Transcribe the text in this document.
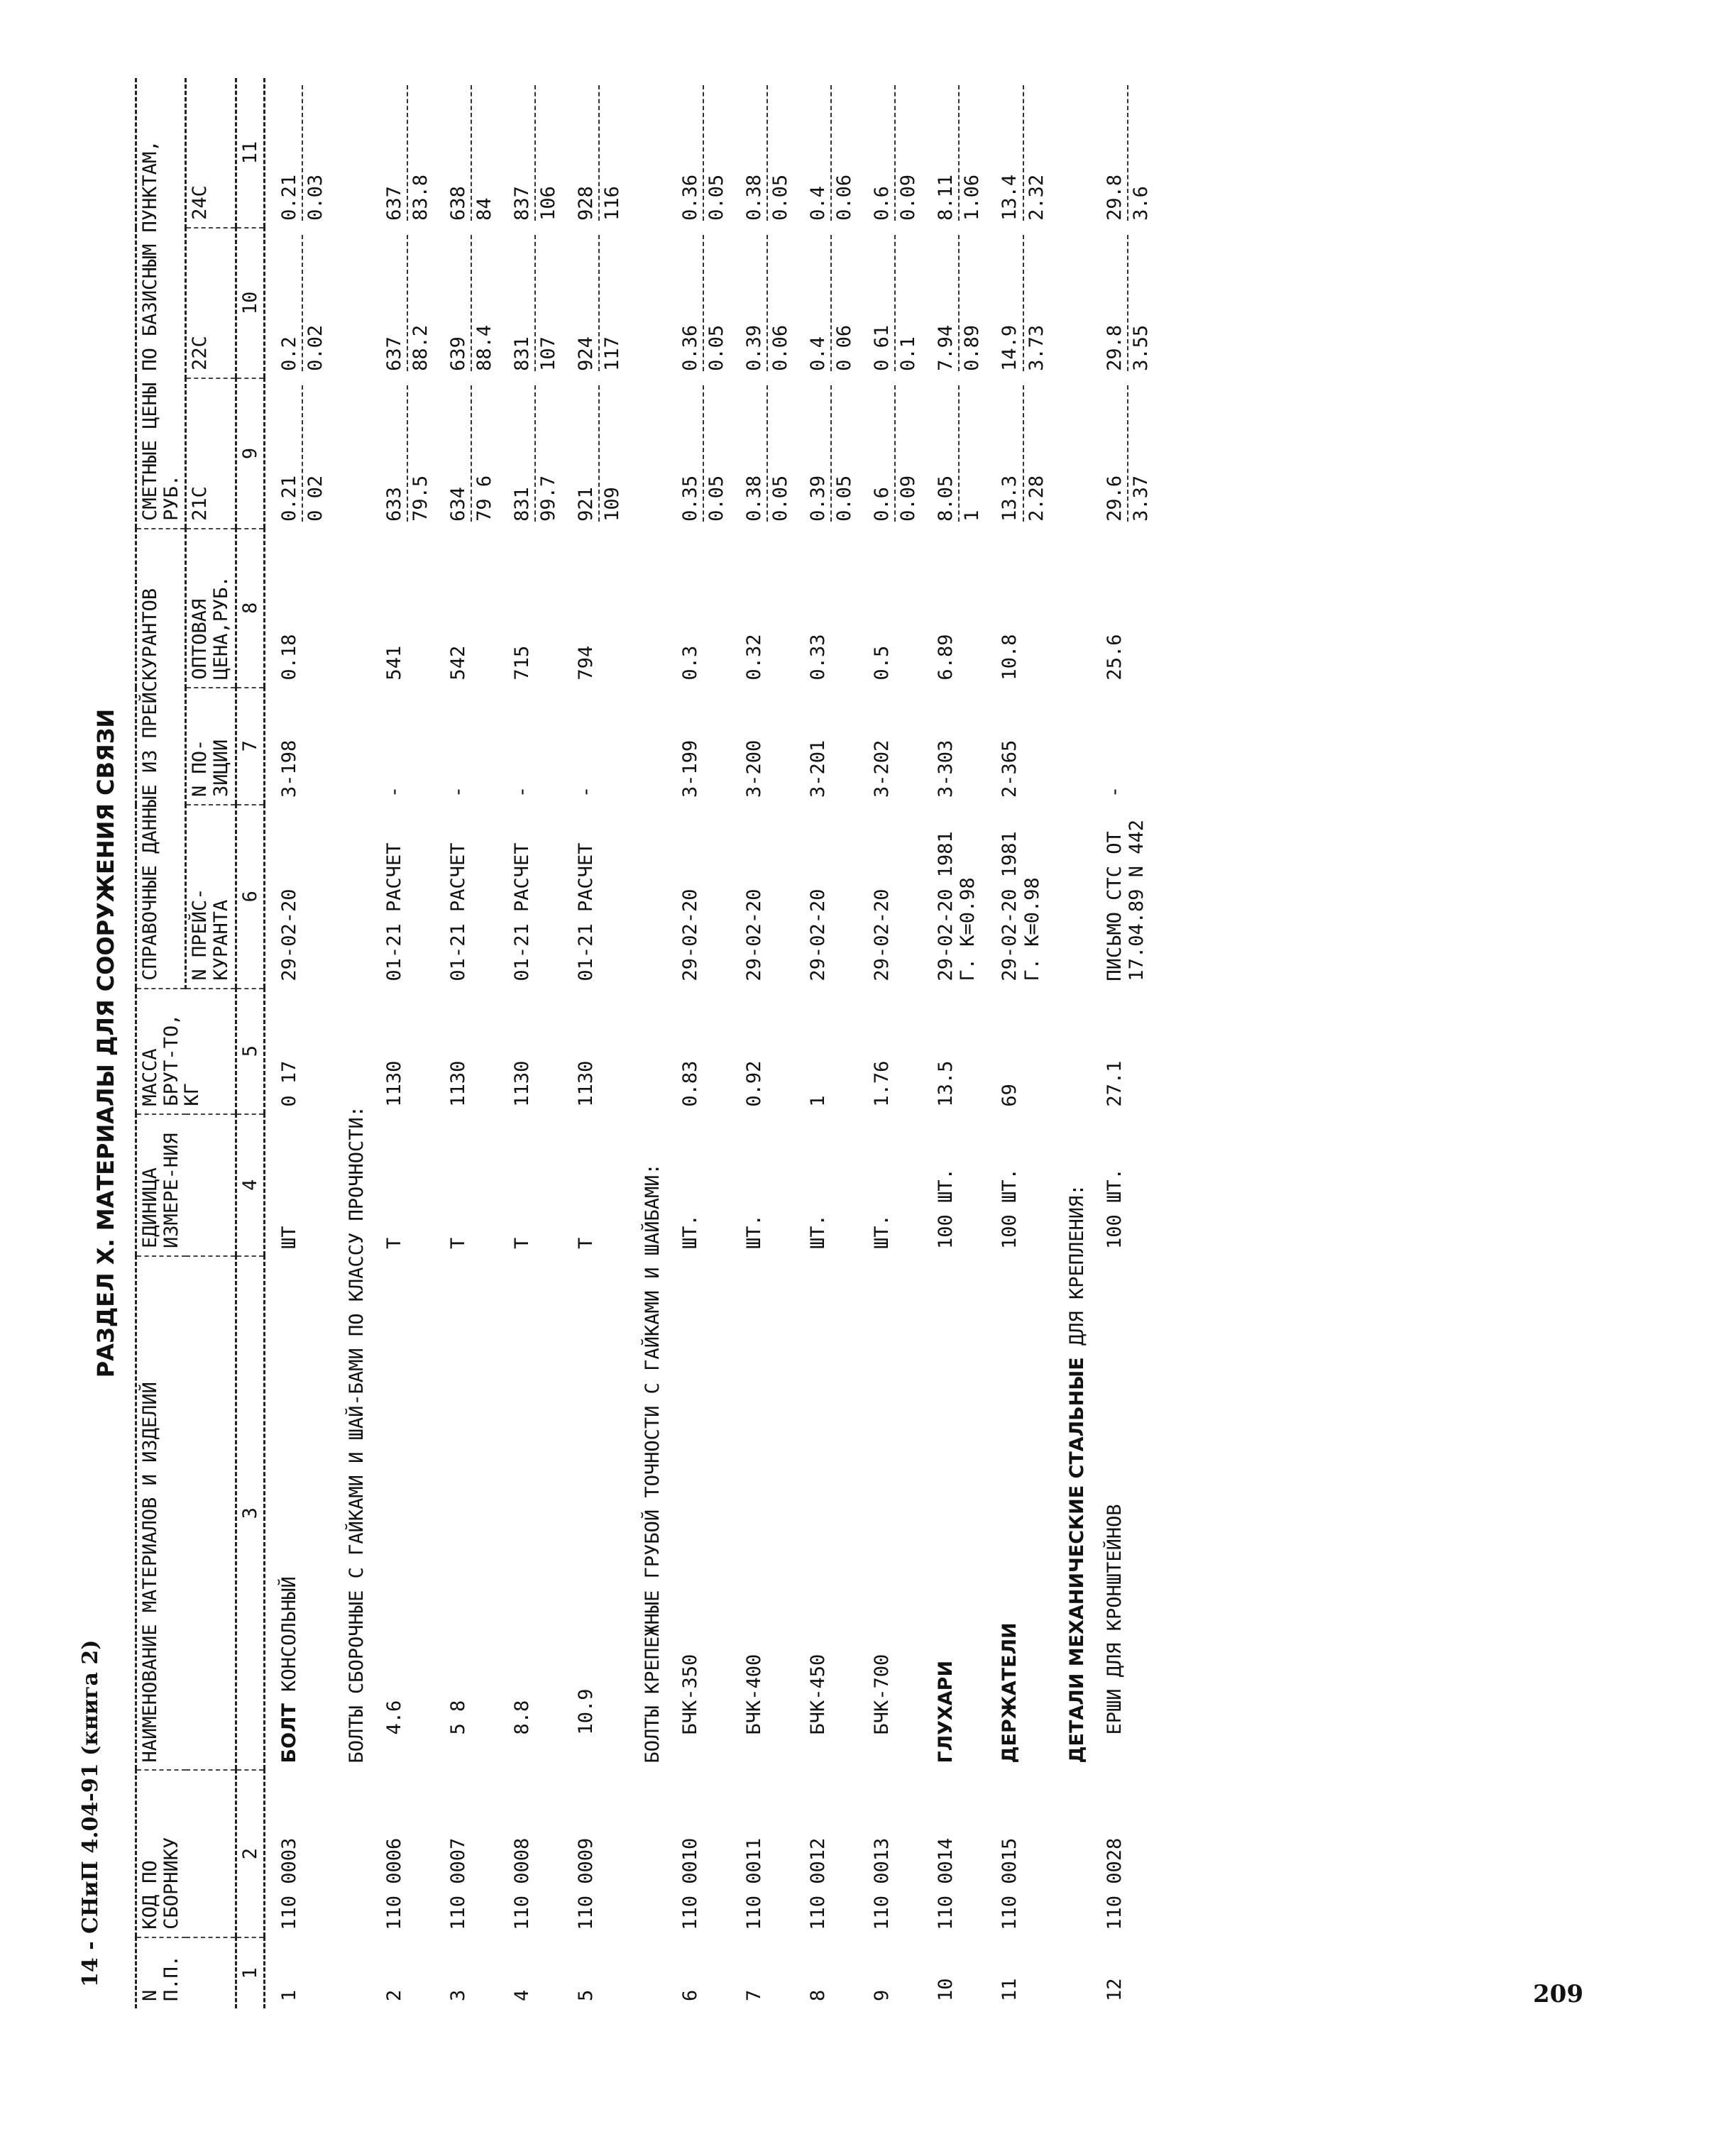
14 - СНиП 4.04-91 (книга 2)
209
РАЗДЕЛ Х. МАТЕРИАЛЫ ДЛЯ СООРУЖЕНИЯ СВЯЗИ
N П.П.	КОД ПО СБОРНИКУ	НАИМЕНОВАНИЕ МАТЕРИАЛОВ И ИЗДЕЛИЙ	ЕДИНИЦА ИЗМЕРЕ-НИЯ	МАССА БРУТ-ТО, КГ	СПРАВОЧНЫЕ ДАННЫЕ ИЗ ПРЕЙСКУРАНТОВ			СМЕТНЫЕ ЦЕНЫ ПО БАЗИСНЫМ ПУНКТАМ, РУБ.		
					N ПРЕЙС-КУРАНТА	N ПО-ЗИЦИИ	ОПТОВАЯ ЦЕНА,РУБ.	21С	22С	24С
1	2	3	4	5	6	7	8	9	10	11
1	110 0003	БОЛТ КОНСОЛЬНЫЙ	ШТ	0 17	29-02-20	3-198	0.18	0.21 0 02	0.2 0.02	0.21 0.03

		БОЛТЫ СБОРОЧНЫЕ С ГАЙКАМИ И ШАЙ-БАМИ ПО КЛАССУ ПРОЧНОСТИ:								
2	110 0006	4.6	Т	1130	01-21 РАСЧЕТ	-	541	633 79.5	637 88.2	637 83.8

3	110 0007	5 8	Т	1130	01-21 РАСЧЕТ	-	542	634 79 6	639 88.4	638 84

4	110 0008	8.8	Т	1130	01-21 РАСЧЕТ	-	715	831 99.7	831 107	837 106

5	110 0009	10.9	Т	1130	01-21 РАСЧЕТ	-	794	921 109	924 117	928 116

		БОЛТЫ КРЕПЕЖНЫЕ ГРУБОЙ ТОЧНОСТИ С ГАЙКАМИ И ШАЙБАМИ:								
6	110 0010	БЧК-350	ШТ.	0.83	29-02-20	3-199	0.3	0.35 0.05	0.36 0.05	0.36 0.05

7	110 0011	БЧК-400	ШТ.	0.92	29-02-20	3-200	0.32	0.38 0.05	0.39 0.06	0.38 0.05

8	110 0012	БЧК-450	ШТ.	1	29-02-20	3-201	0.33	0.39 0.05	0.4 0 06	0.4 0.06

9	110 0013	БЧК-700	ШТ.	1.76	29-02-20	3-202	0.5	0.6 0.09	0 61 0.1	0.6 0.09

10	110 0014	ГЛУХАРИ	100 ШТ.	13.5	29-02-20 1981 Г. К=0.98	3-303	6.89	8.05 1	7.94 0.89	8.11 1.06

11	110 0015	ДЕРЖАТЕЛИ	100 ШТ.	69	29-02-20 1981 Г. К=0.98	2-365	10.8	13.3 2.28	14.9 3.73	13.4 2.32

		ДЕТАЛИ МЕХАНИЧЕСКИЕ СТАЛЬНЫЕ ДЛЯ КРЕПЛЕНИЯ:								
12	110 0028	ЕРШИ ДЛЯ КРОНШТЕЙНОВ	100 ШТ.	27.1	ПИСЬМО СТС ОТ 17.04.89 N 442	-	25.6	29.6 3.37	29.8 3.55	29.8 3.6
